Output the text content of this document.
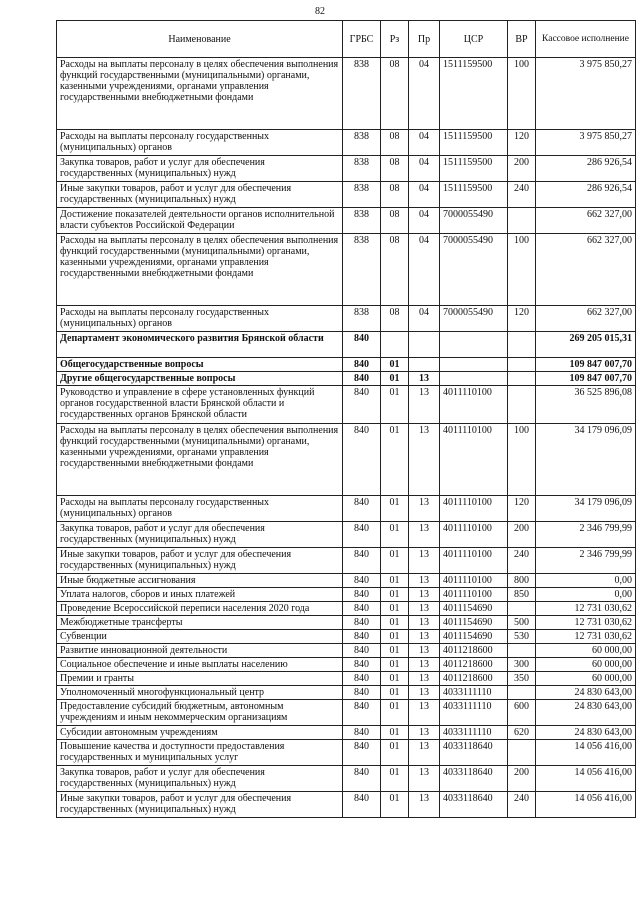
82
Наименование	ГРБС	Рз	Пр	ЦСР	ВР	Кассовое исполнение
Расходы на выплаты персоналу в целях обеспечения выполнения функций государственными (муниципальными) органами, казенными учреждениями, органами управления государственными внебюджетными фондами	838	08	04	1511159500	100	3 975 850,27
Расходы на выплаты персоналу государственных (муниципальных) органов	838	08	04	1511159500	120	3 975 850,27
Закупка товаров, работ и услуг для обеспечения государственных (муниципальных) нужд	838	08	04	1511159500	200	286 926,54
Иные закупки товаров, работ и услуг для обеспечения государственных (муниципальных) нужд	838	08	04	1511159500	240	286 926,54
Достижение показателей деятельности органов исполнительной власти субъектов Российской Федерации	838	08	04	7000055490		662 327,00
Расходы на выплаты персоналу в целях обеспечения выполнения функций государственными (муниципальными) органами, казенными учреждениями, органами управления государственными внебюджетными фондами	838	08	04	7000055490	100	662 327,00
Расходы на выплаты персоналу государственных (муниципальных) органов	838	08	04	7000055490	120	662 327,00
Департамент экономического развития Брянской области	840					269 205 015,31
Общегосударственные вопросы	840	01				109 847 007,70
Другие общегосударственные вопросы	840	01	13			109 847 007,70
Руководство и управление в сфере установленных функций органов государственной власти Брянской области и государственных органов Брянской области	840	01	13	4011110100		36 525 896,08
Расходы на выплаты персоналу в целях обеспечения выполнения функций государственными (муниципальными) органами, казенными учреждениями, органами управления государственными внебюджетными фондами	840	01	13	4011110100	100	34 179 096,09
Расходы на выплаты персоналу государственных (муниципальных) органов	840	01	13	4011110100	120	34 179 096,09
Закупка товаров, работ и услуг для обеспечения государственных (муниципальных) нужд	840	01	13	4011110100	200	2 346 799,99
Иные закупки товаров, работ и услуг для обеспечения государственных (муниципальных) нужд	840	01	13	4011110100	240	2 346 799,99
Иные бюджетные ассигнования	840	01	13	4011110100	800	0,00
Уплата налогов, сборов и иных платежей	840	01	13	4011110100	850	0,00
Проведение Всероссийской переписи населения 2020 года	840	01	13	4011154690		12 731 030,62
Межбюджетные трансферты	840	01	13	4011154690	500	12 731 030,62
Субвенции	840	01	13	4011154690	530	12 731 030,62
Развитие инновационной деятельности	840	01	13	4011218600		60 000,00
Социальное обеспечение и иные выплаты населению	840	01	13	4011218600	300	60 000,00
Премии и гранты	840	01	13	4011218600	350	60 000,00
Уполномоченный многофункциональный центр	840	01	13	4033111110		24 830 643,00
Предоставление субсидий бюджетным, автономным учреждениям и иным некоммерческим организациям	840	01	13	4033111110	600	24 830 643,00
Субсидии автономным учреждениям	840	01	13	4033111110	620	24 830 643,00
Повышение качества и доступности предоставления государственных и муниципальных услуг	840	01	13	4033118640		14 056 416,00
Закупка товаров, работ и услуг для обеспечения государственных (муниципальных) нужд	840	01	13	4033118640	200	14 056 416,00
Иные закупки товаров, работ и услуг для обеспечения государственных (муниципальных) нужд	840	01	13	4033118640	240	14 056 416,00
